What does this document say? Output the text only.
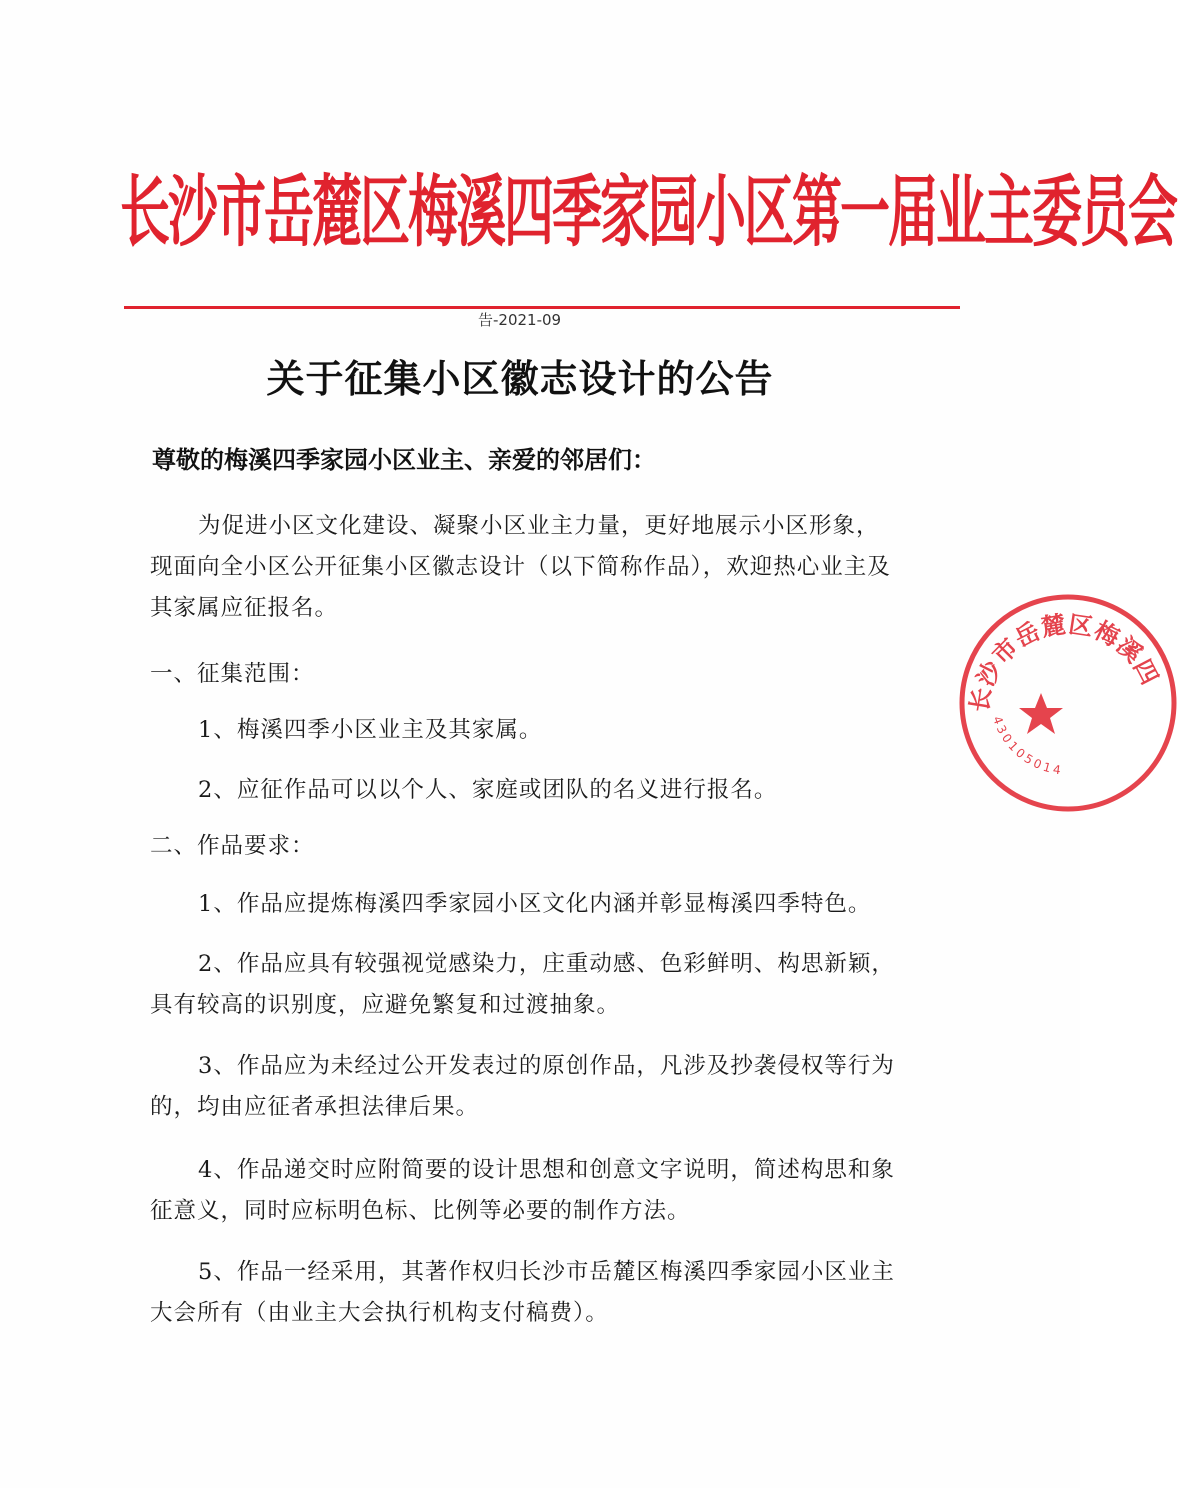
长沙市岳麓区梅溪四季家园小区第一届业主委员会
告-2021-09
关于征集小区徽志设计的公告
尊敬的梅溪四季家园小区业主、亲爱的邻居们：
为促进小区文化建设、凝聚小区业主力量，更好地展示小区形象，现面向全小区公开征集小区徽志设计（以下简称作品），欢迎热心业主及其家属应征报名。
一、征集范围：
1、梅溪四季小区业主及其家属。
2、应征作品可以以个人、家庭或团队的名义进行报名。
二、作品要求：
1、作品应提炼梅溪四季家园小区文化内涵并彰显梅溪四季特色。
2、作品应具有较强视觉感染力，庄重动感、色彩鲜明、构思新颖，具有较高的识别度，应避免繁复和过渡抽象。
3、作品应为未经过公开发表过的原创作品，凡涉及抄袭侵权等行为的，均由应征者承担法律后果。
4、作品递交时应附简要的设计思想和创意文字说明，简述构思和象征意义，同时应标明色标、比例等必要的制作方法。
5、作品一经采用，其著作权归长沙市岳麓区梅溪四季家园小区业主大会所有（由业主大会执行机构支付稿费）。
长沙市岳麓区梅溪四
430105014
